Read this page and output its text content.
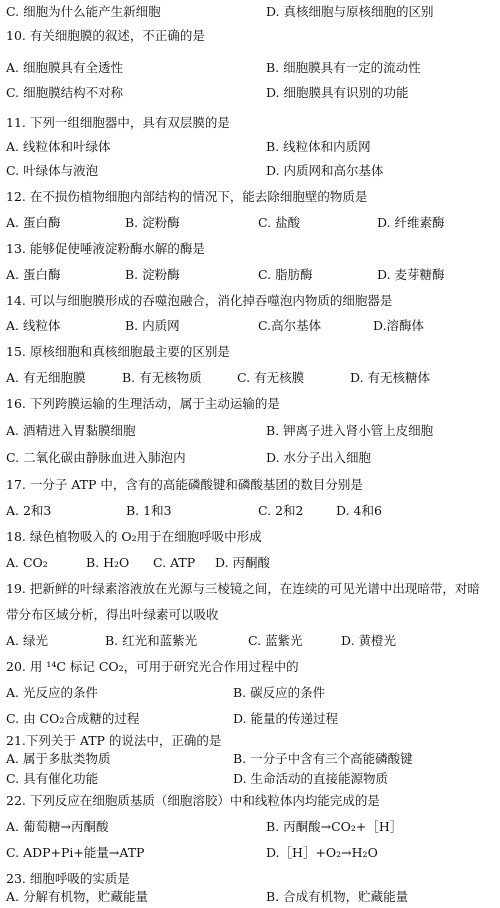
C. 细胞为什么能产生新细胞	D. 真核细胞与原核细胞的区别
10. 有关细胞膜的叙述，不正确的是
A. 细胞膜具有全透性	B. 细胞膜具有一定的流动性
C. 细胞膜结构不对称	D. 细胞膜具有识别的功能
11. 下列一组细胞器中，具有双层膜的是
A. 线粒体和叶绿体	B. 线粒体和内质网
C. 叶绿体与液泡	D. 内质网和高尔基体
12. 在不损伤植物细胞内部结构的情况下，能去除细胞壁的物质是
A. 蛋白酶	B. 淀粉酶	C. 盐酸	D. 纤维素酶
13. 能够促使唾液淀粉酶水解的酶是
A. 蛋白酶	B. 淀粉酶	C. 脂肪酶	D. 麦芽糖酶
14. 可以与细胞膜形成的吞噬泡融合，消化掉吞噬泡内物质的细胞器是
A. 线粒体	B. 内质网	C.高尔基体	D.溶酶体
15. 原核细胞和真核细胞最主要的区别是
A. 有无细胞膜	B. 有无核物质	C. 有无核膜	D. 有无核糖体
16. 下列跨膜运输的生理活动，属于主动运输的是
A. 酒精进入胃黏膜细胞	B. 钾离子进入肾小管上皮细胞
C. 二氧化碳由静脉血进入肺泡内	D. 水分子出入细胞
17. 一分子 ATP 中，含有的高能磷酸键和磷酸基团的数目分别是
A. 2和3	B. 1和3	C. 2和2	D. 4和6
18. 绿色植物吸入的 O₂用于在细胞呼吸中形成
A. CO₂	B. H₂O C. ATP D. 丙酮酸
19. 把新鲜的叶绿素溶液放在光源与三棱镜之间，在连续的可见光谱中出现暗带，对暗
带分布区域分析，得出叶绿素可以吸收
A. 绿光	B. 红光和蓝紫光	C. 蓝紫光	D. 黄橙光
20. 用 ¹⁴C 标记 CO₂，可用于研究光合作用过程中的
A. 光反应的条件	B. 碳反应的条件
C. 由 CO₂合成糖的过程	D. 能量的传递过程
21.下列关于 ATP 的说法中，正确的是
A. 属于多肽类物质	B. 一分子中含有三个高能磷酸键
C. 具有催化功能	D. 生命活动的直接能源物质
22. 下列反应在细胞质基质（细胞溶胶）中和线粒体内均能完成的是
A. 葡萄糖→丙酮酸	B. 丙酮酸→CO₂+［H］
C. ADP+Pi+能量→ATP	D.［H］+O₂→H₂O
23. 细胞呼吸的实质是
A. 分解有机物，贮藏能量	B. 合成有机物，贮藏能量
